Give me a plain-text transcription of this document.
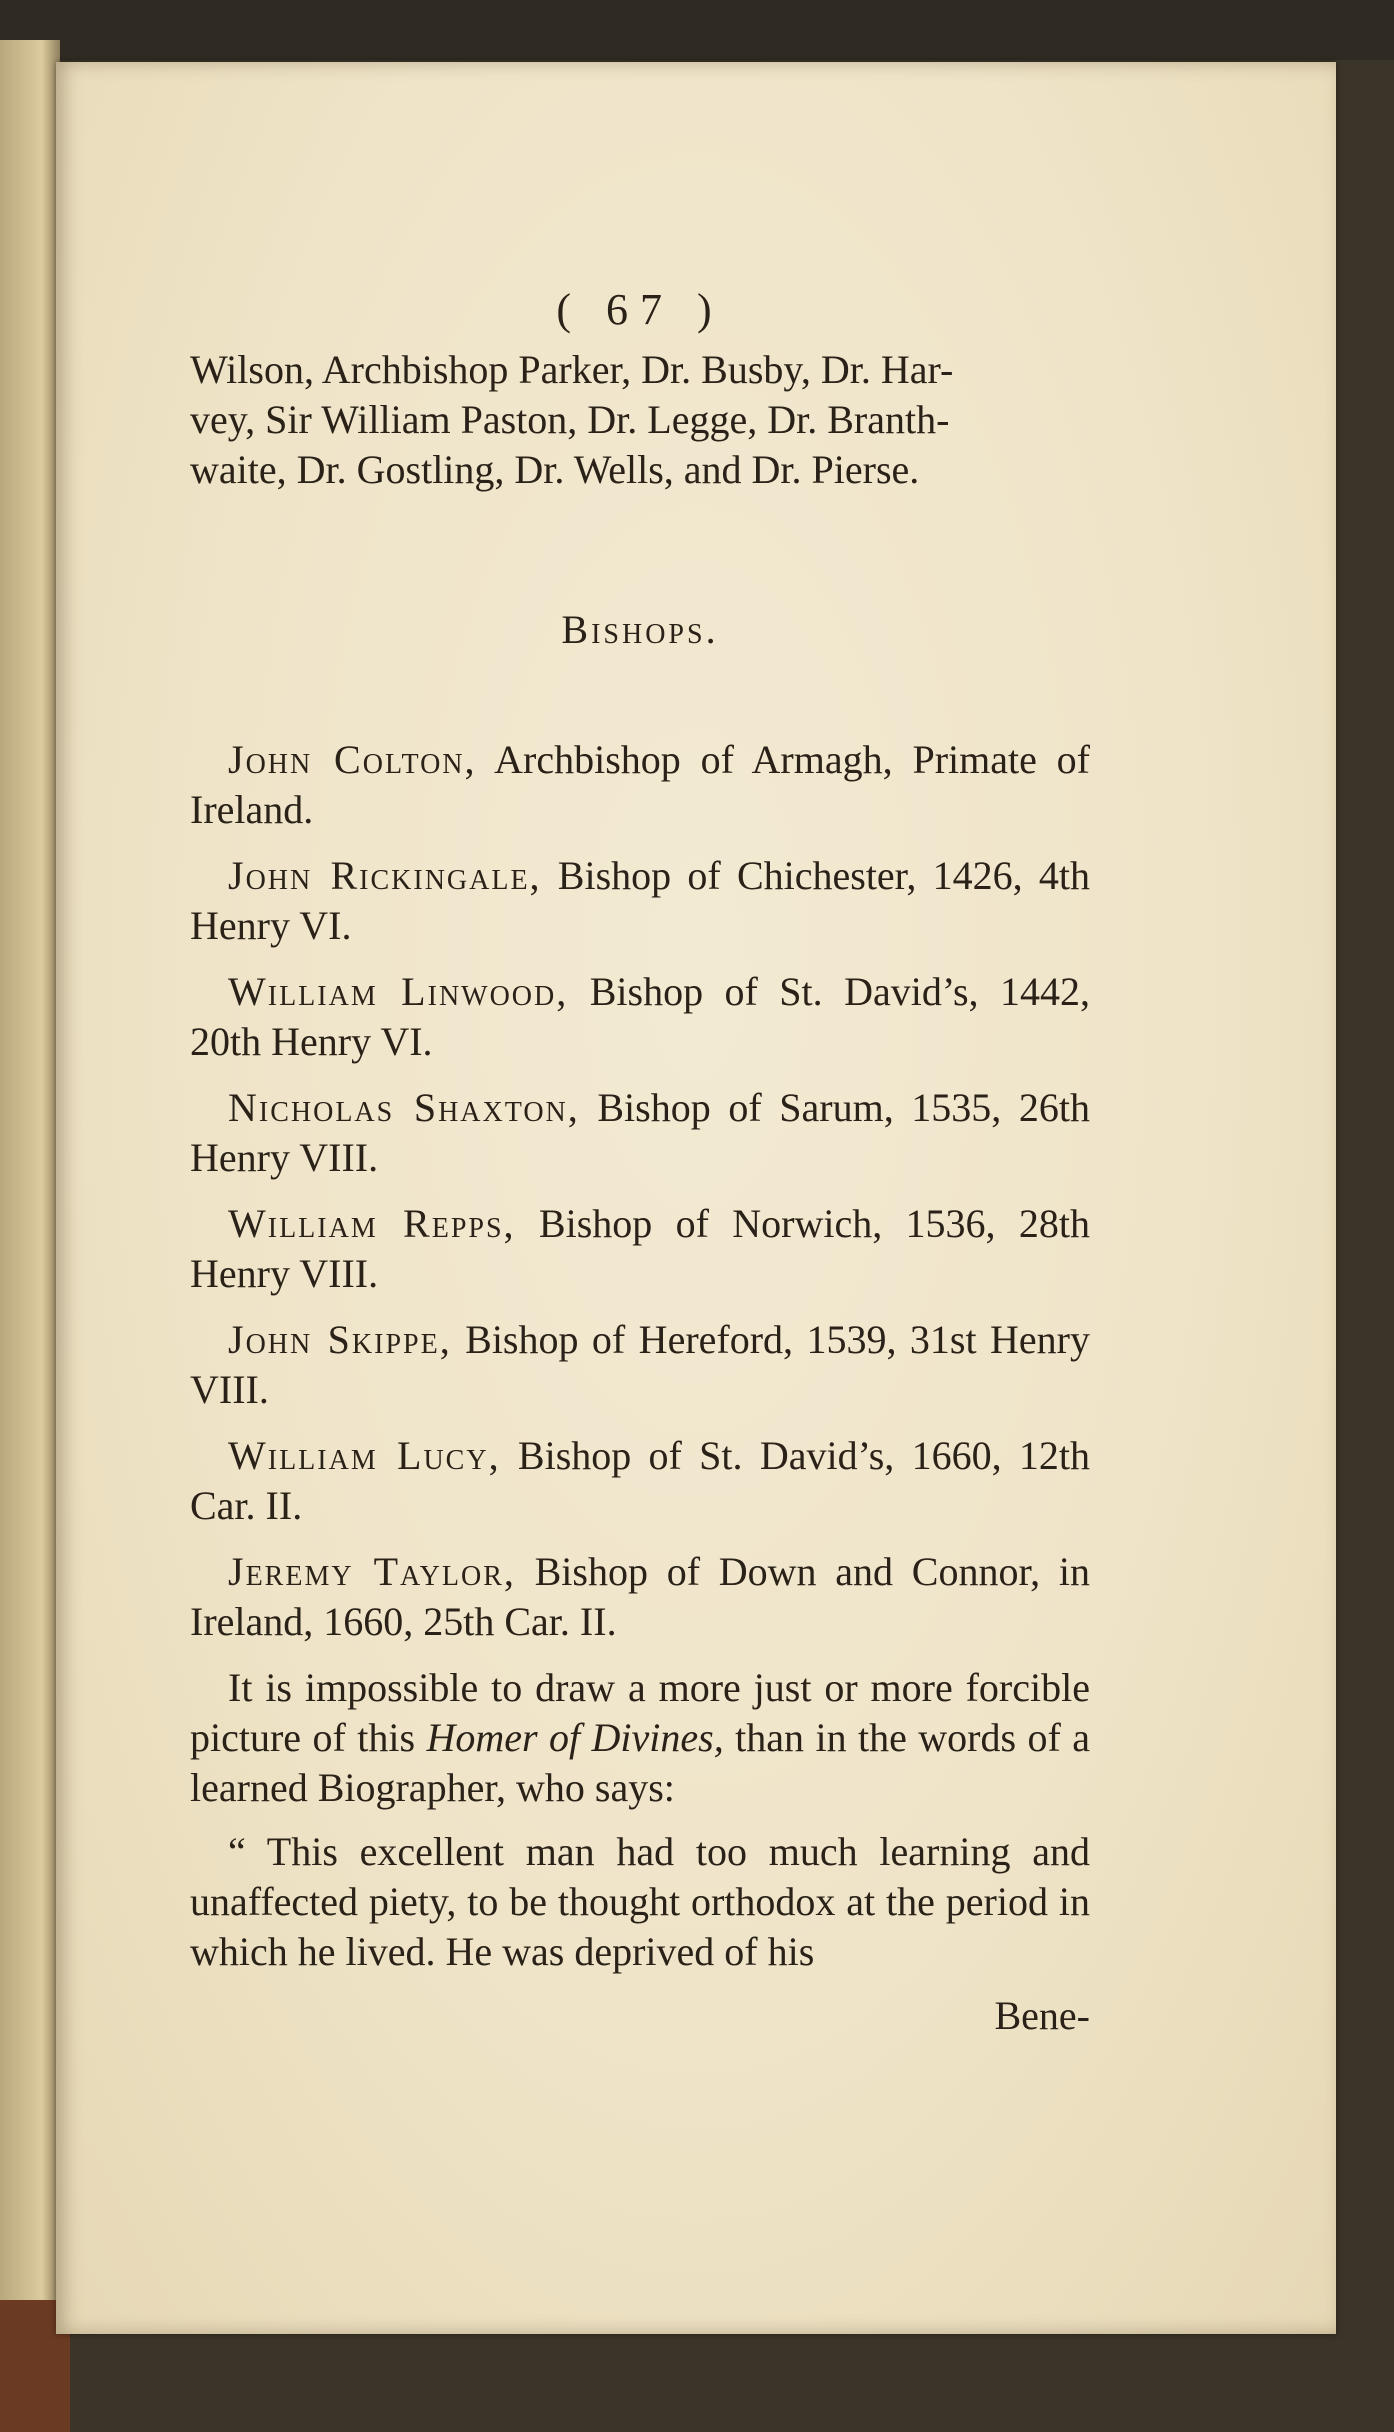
( 67 )

Wilson, Archbishop Parker, Dr. Busby, Dr. Har-
vey, Sir William Paston, Dr. Legge, Dr. Branth-
waite, Dr. Gostling, Dr. Wells, and Dr. Pierse.

Bishops.

John Colton, Archbishop of Armagh, Primate of Ireland.

John Rickingale, Bishop of Chichester, 1426, 4th Henry VI.

William Linwood, Bishop of St. David’s, 1442, 20th Henry VI.

Nicholas Shaxton, Bishop of Sarum, 1535, 26th Henry VIII.

William Repps, Bishop of Norwich, 1536, 28th Henry VIII.

John Skippe, Bishop of Hereford, 1539, 31st Henry VIII.

William Lucy, Bishop of St. David’s, 1660, 12th Car. II.

Jeremy Taylor, Bishop of Down and Connor, in Ireland, 1660, 25th Car. II.

It is impossible to draw a more just or more forcible picture of this Homer of Divines, than in the words of a learned Biographer, who says:

“ This excellent man had too much learning and unaffected piety, to be thought orthodox at the period in which he lived. He was deprived of his

Bene-
